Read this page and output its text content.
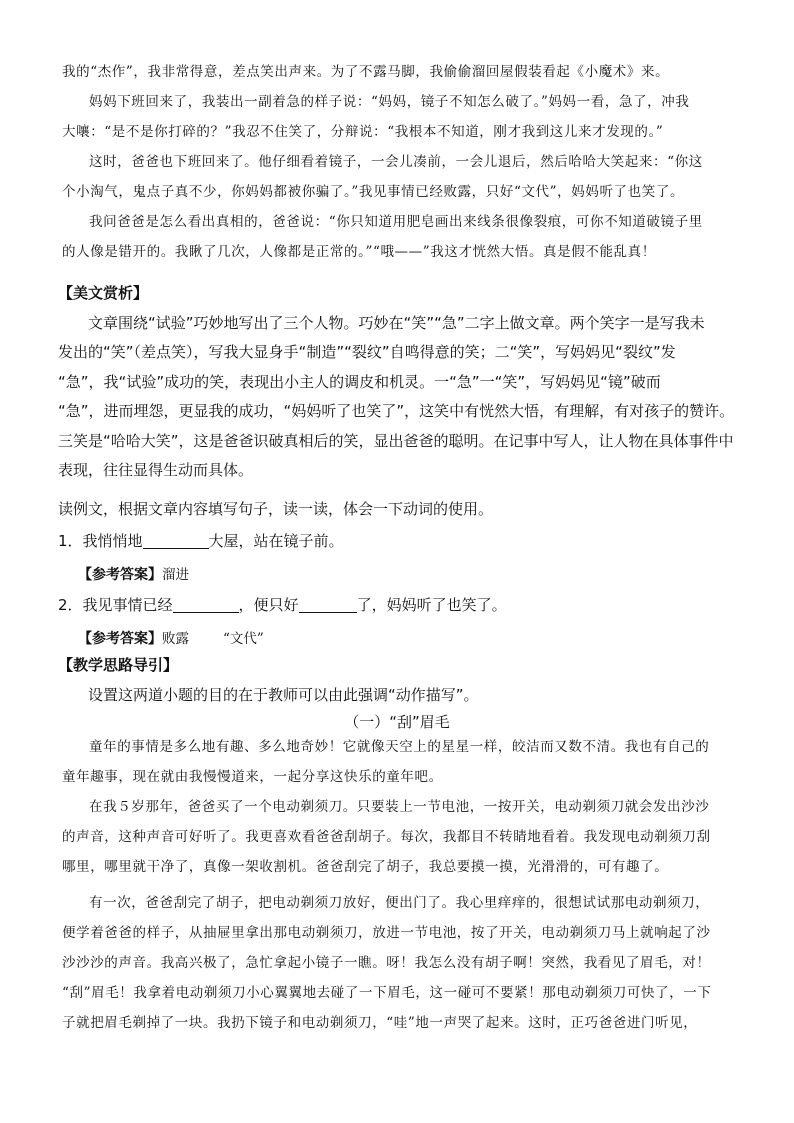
我的“杰作”，我非常得意，差点笑出声来。为了不露马脚，我偷偷溜回屋假装看起《小魔术》来。
妈妈下班回来了，我装出一副着急的样子说：“妈妈，镜子不知怎么破了。”妈妈一看，急了，冲我
大嚷：“是不是你打碎的？”我忍不住笑了，分辩说：“我根本不知道，刚才我到这儿来才发现的。”
这时，爸爸也下班回来了。他仔细看着镜子，一会儿凑前，一会儿退后，然后哈哈大笑起来：“你这
个小淘气，鬼点子真不少，你妈妈都被你骗了。”我见事情已经败露，只好“文代”，妈妈听了也笑了。
我问爸爸是怎么看出真相的，爸爸说：“你只知道用肥皂画出来线条很像裂痕，可你不知道破镜子里
的人像是错开的。我瞅了几次，人像都是正常的。”“哦——”我这才恍然大悟。真是假不能乱真！
【美文赏析】
文章围绕“试验”巧妙地写出了三个人物。巧妙在“笑”“急”二字上做文章。两个笑字一是写我未
发出的“笑”（差点笑），写我大显身手“制造”“裂纹”自鸣得意的笑；二“笑”，写妈妈见“裂纹”发
“急”，我“试验”成功的笑，表现出小主人的调皮和机灵。一“急”一“笑”，写妈妈见“镜”破而
“急”，进而埋怨，更显我的成功，“妈妈听了也笑了”，这笑中有恍然大悟，有理解，有对孩子的赞许。
三笑是“哈哈大笑”，这是爸爸识破真相后的笑，显出爸爸的聪明。在记事中写人，让人物在具体事件中
表现，往往显得生动而具体。
读例文，根据文章内容填写句子，读一读，体会一下动词的使用。
1．我悄悄地	大屋，站在镜子前。
【参考答案】溜进
2．我见事情已经	，便只好	了，妈妈听了也笑了。
【参考答案】败露	“文代”
【教学思路导引】
设置这两道小题的目的在于教师可以由此强调“动作描写”。
（一）“刮”眉毛
童年的事情是多么地有趣、多么地奇妙！它就像天空上的星星一样，皎洁而又数不清。我也有自己的
童年趣事，现在就由我慢慢道来，一起分享这快乐的童年吧。
在我５岁那年，爸爸买了一个电动剃须刀。只要装上一节电池，一按开关，电动剃须刀就会发出沙沙
的声音，这种声音可好听了。我更喜欢看爸爸刮胡子。每次，我都目不转睛地看着。我发现电动剃须刀刮
哪里，哪里就干净了，真像一架收割机。爸爸刮完了胡子，我总要摸一摸，光滑滑的，可有趣了。
有一次，爸爸刮完了胡子，把电动剃须刀放好，便出门了。我心里痒痒的，很想试试那电动剃须刀，
便学着爸爸的样子，从抽屉里拿出那电动剃须刀，放进一节电池，按了开关，电动剃须刀马上就响起了沙
沙沙沙的声音。我高兴极了，急忙拿起小镜子一瞧。呀！我怎么没有胡子啊！突然，我看见了眉毛，对！
“刮”眉毛！我拿着电动剃须刀小心翼翼地去碰了一下眉毛，这一碰可不要紧！那电动剃须刀可快了，一下
子就把眉毛剃掉了一块。我扔下镜子和电动剃须刀，“哇”地一声哭了起来。这时，正巧爸爸进门听见，
